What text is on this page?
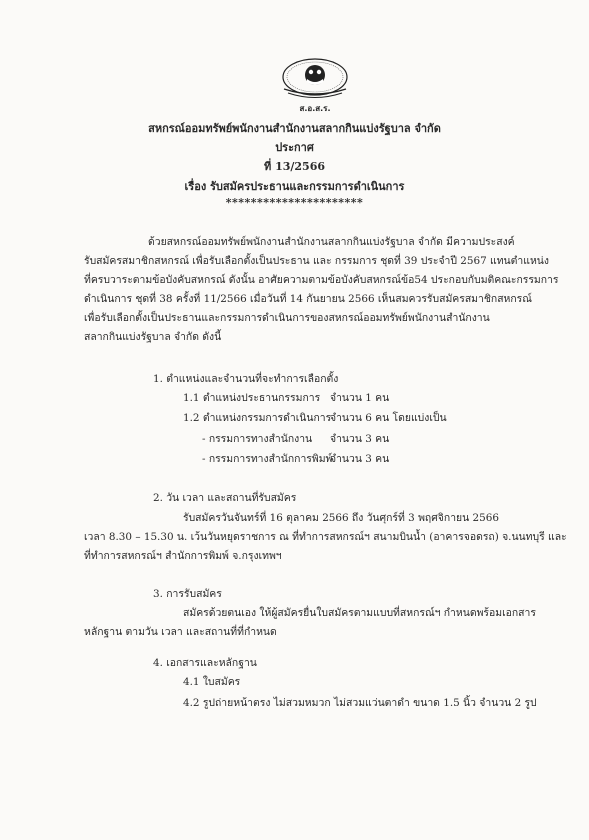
ส.อ.ส.ร.
สหกรณ์ออมทรัพย์พนักงานสำนักงานสลากกินแบ่งรัฐบาล จำกัด
ประกาศ
ที่ 13/2566
เรื่อง รับสมัครประธานและกรรมการดำเนินการ
**********************
ด้วยสหกรณ์ออมทรัพย์พนักงานสำนักงานสลากกินแบ่งรัฐบาล จำกัด มีความประสงค์
รับสมัครสมาชิกสหกรณ์ เพื่อรับเลือกตั้งเป็นประธาน และ กรรมการ ชุดที่ 39 ประจำปี 2567 แทนตำแหน่ง
ที่ครบวาระตามข้อบังคับสหกรณ์ ดังนั้น อาศัยความตามข้อบังคับสหกรณ์ข้อ54 ประกอบกับมติคณะกรรมการ
ดำเนินการ ชุดที่ 38 ครั้งที่ 11/2566 เมื่อวันที่ 14 กันยายน 2566 เห็นสมควรรับสมัครสมาชิกสหกรณ์
เพื่อรับเลือกตั้งเป็นประธานและกรรมการดำเนินการของสหกรณ์ออมทรัพย์พนักงานสำนักงาน
สลากกินแบ่งรัฐบาล จำกัด ดังนี้
1. ตำแหน่งและจำนวนที่จะทำการเลือกตั้ง
1.1 ตำแหน่งประธานกรรมการ จำนวน 1 คน
1.2 ตำแหน่งกรรมการดำเนินการ
จำนวน 6 คน โดยแบ่งเป็น
- กรรมการทางสำนักงาน จำนวน 3 คน
- กรรมการทางสำนักการพิมพ์
จำนวน 3 คน
2. วัน เวลา และสถานที่รับสมัคร
รับสมัครวันจันทร์ที่ 16 ตุลาคม 2566 ถึง วันศุกร์ที่ 3 พฤศจิกายน 2566
เวลา 8.30 – 15.30 น. เว้นวันหยุดราชการ ณ ที่ทำการสหกรณ์ฯ สนามบินน้ำ (อาคารจอดรถ) จ.นนทบุรี และ
ที่ทำการสหกรณ์ฯ สำนักการพิมพ์ จ.กรุงเทพฯ
3. การรับสมัคร
สมัครด้วยตนเอง ให้ผู้สมัครยื่นใบสมัครตามแบบที่สหกรณ์ฯ กำหนดพร้อมเอกสาร
หลักฐาน ตามวัน เวลา และสถานที่ที่กำหนด
4. เอกสารและหลักฐาน
4.1 ใบสมัคร
4.2 รูปถ่ายหน้าตรง ไม่สวมหมวก ไม่สวมแว่นตาดำ ขนาด 1.5 นิ้ว จำนวน 2 รูป
